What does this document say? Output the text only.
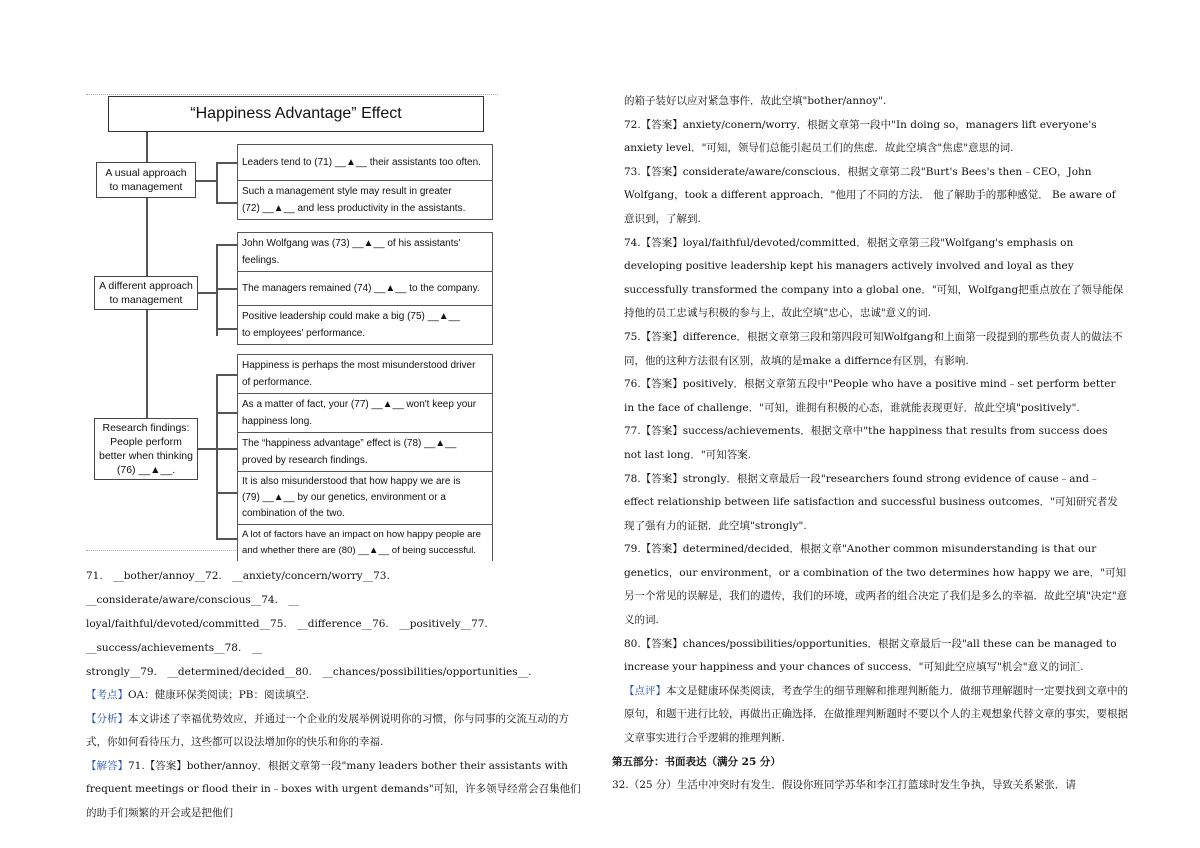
“Happiness Advantage” Effect
A usual approach
to management
Leaders tend to (71) __▲__ their assistants too often.
Such a management style may result in greater
(72) __▲__ and less productivity in the assistants.
A different approach
to management
John Wolfgang was (73) __▲__ of his assistants'
feelings.
The managers remained (74) __▲__ to the company.
Positive leadership could make a big (75) __▲__
to employees' performance.
Research findings:
People perform
better when thinking
(76) __▲__.
Happiness is perhaps the most misunderstood driver
of performance.
As a matter of fact, your (77) __▲__ won't keep your
happiness long.
The “happiness advantage” effect is (78) __▲__
proved by research findings.
It is also misunderstood that how happy we are is
(79) __▲__ by our genetics, environment or a
combination of the two.
A lot of factors have an impact on how happy people are
and whether there are (80) __▲__ of being successful.

71.　__bother/annoy__72.　__anxiety/concern/worry__73.　__considerate/aware/conscious__74.　__

loyal/faithful/devoted/committed__75.　__difference__76.　__positively__77.　__success/achievements__78.　__

strongly__79.　__determined/decided__80.　__chances/possibilities/opportunities__.

【考点】OA：健康环保类阅读；PB：阅读填空.

【分析】本文讲述了幸福优势效应，并通过一个企业的发展举例说明你的习惯，你与同事的交流互动的方式，你如何看待压力，这些都可以设法增加你的快乐和你的幸福.

【解答】71.【答案】bother/annoy．根据文章第一段"many leaders bother their assistants with frequent meetings or flood their in﹣boxes with urgent demands"可知，许多领导经常会召集他们的助手们频繁的开会或是把他们

的箱子装好以应对紧急事件．故此空填"bother/annoy".

72.【答案】anxiety/conern/worry．根据文章第一段中"In doing so，managers lift everyone's anxiety level．"可知，领导们总能引起员工们的焦虑．故此空填含"焦虑"意思的词.

73.【答案】considerate/aware/conscious．根据文章第二段"Burt's Bees's then﹣CEO，John Wolfgang，took a different approach．"他用了不同的方法． 他了解助手的那种感觉． Be aware of 意识到，了解到.

74.【答案】loyal/faithful/devoted/committed．根据文章第三段"Wolfgang's emphasis on developing positive leadership kept his managers actively involved and loyal as they successfully transformed the company into a global one．"可知，Wolfgang把重点放在了领导能保持他的员工忠诚与积极的参与上，故此空填"忠心，忠诚"意义的词.

75.【答案】difference．根据文章第三段和第四段可知Wolfgang和上面第一段提到的那些负责人的做法不同，他的这种方法很有区别，故填的是make a differnce有区别，有影响.

76.【答案】positively．根据文章第五段中"People who have a positive mind﹣set perform better in the face of challenge．"可知，谁拥有积极的心态，谁就能表现更好．故此空填"positively".

77.【答案】success/achievements．根据文章中"the happiness that results from success does not last long．"可知答案.

78.【答案】strongly．根据文章最后一段"researchers found strong evidence of cause﹣and﹣effect relationship between life satisfaction and successful business outcomes．"可知研究者发现了强有力的证据．此空填"strongly".

79.【答案】determined/decided．根据文章"Another common misunderstanding is that our genetics，our environment，or a combination of the two determines how happy we are．"可知另一个常见的误解是，我们的遗传，我们的环境，或两者的组合决定了我们是多么的幸福．故此空填"决定"意义的词.

80.【答案】chances/possibilities/opportunities．根据文章最后一段"all these can be managed to increase your happiness and your chances of success．"可知此空应填写"机会"意义的词汇.

【点评】本文是健康环保类阅读，考查学生的细节理解和推理判断能力．做细节理解题时一定要找到文章中的原句，和题干进行比较，再做出正确选择．在做推理判断题时不要以个人的主观想象代替文章的事实，要根据文章事实进行合乎逻辑的推理判断.

第五部分：书面表达（满分 25 分）

32.（25 分）生活中冲突时有发生．假设你班同学苏华和李江打篮球时发生争执，导致关系紧张．请
